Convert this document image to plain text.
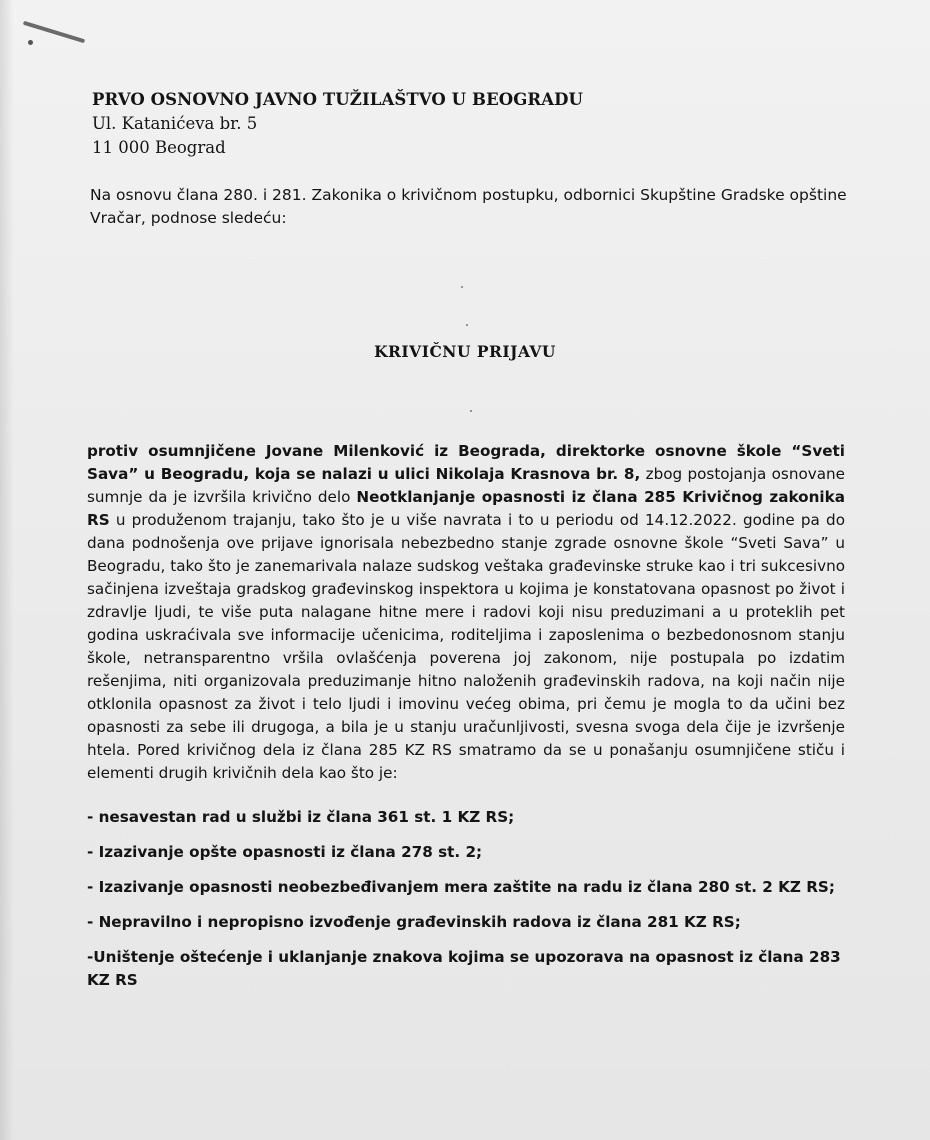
PRVO OSNOVNO JAVNO TUŽILAŠTVO U BEOGRADU
Ul. Katanićeva br. 5
11 000 Beograd
Na osnovu člana 280. i 281. Zakonika o krivičnom postupku, odbornici Skupštine Gradske opštine Vračar, podnose sledeću:
KRIVIČNU PRIJAVU
protiv osumnjičene Jovane Milenković iz Beograda, direktorke osnovne škole “Sveti Sava” u Beogradu, koja se nalazi u ulici Nikolaja Krasnova br. 8, zbog postojanja osnovane sumnje da je izvršila krivično delo Neotklanjanje opasnosti iz člana 285 Krivičnog zakonika RS u produženom trajanju, tako što je u više navrata i to u periodu od 14.12.2022. godine pa do dana podnošenja ove prijave ignorisala nebezbedno stanje zgrade osnovne škole “Sveti Sava” u Beogradu, tako što je zanemarivala nalaze sudskog veštaka građevinske struke kao i tri sukcesivno sačinjena izveštaja gradskog građevinskog inspektora u kojima je konstatovana opasnost po život i zdravlje ljudi, te više puta nalagane hitne mere i radovi koji nisu preduzimani a u proteklih pet godina uskraćivala sve informacije učenicima, roditeljima i zaposlenima o bezbedonosnom stanju škole, netransparentno vršila ovlašćenja poverena joj zakonom, nije postupala po izdatim rešenjima, niti organizovala preduzimanje hitno naloženih građevinskih radova, na koji način nije otklonila opasnost za život i telo ljudi i imovinu većeg obima, pri čemu je mogla to da učini bez opasnosti za sebe ili drugoga, a bila je u stanju uračunljivosti, svesna svoga dela čije je izvršenje htela. Pored krivičnog dela iz člana 285 KZ RS smatramo da se u ponašanju osumnjičene stiču i elementi drugih krivičnih dela kao što je:
- nesavestan rad u službi iz člana 361 st. 1 KZ RS;
- Izazivanje opšte opasnosti iz člana 278 st. 2;
- Izazivanje opasnosti neobezbeđivanjem mera zaštite na radu iz člana 280 st. 2 KZ RS;
- Nepravilno i nepropisno izvođenje građevinskih radova iz člana 281 KZ RS;
-Uništenje oštećenje i uklanjanje znakova kojima se upozorava na opasnost iz člana 283 KZ RS
